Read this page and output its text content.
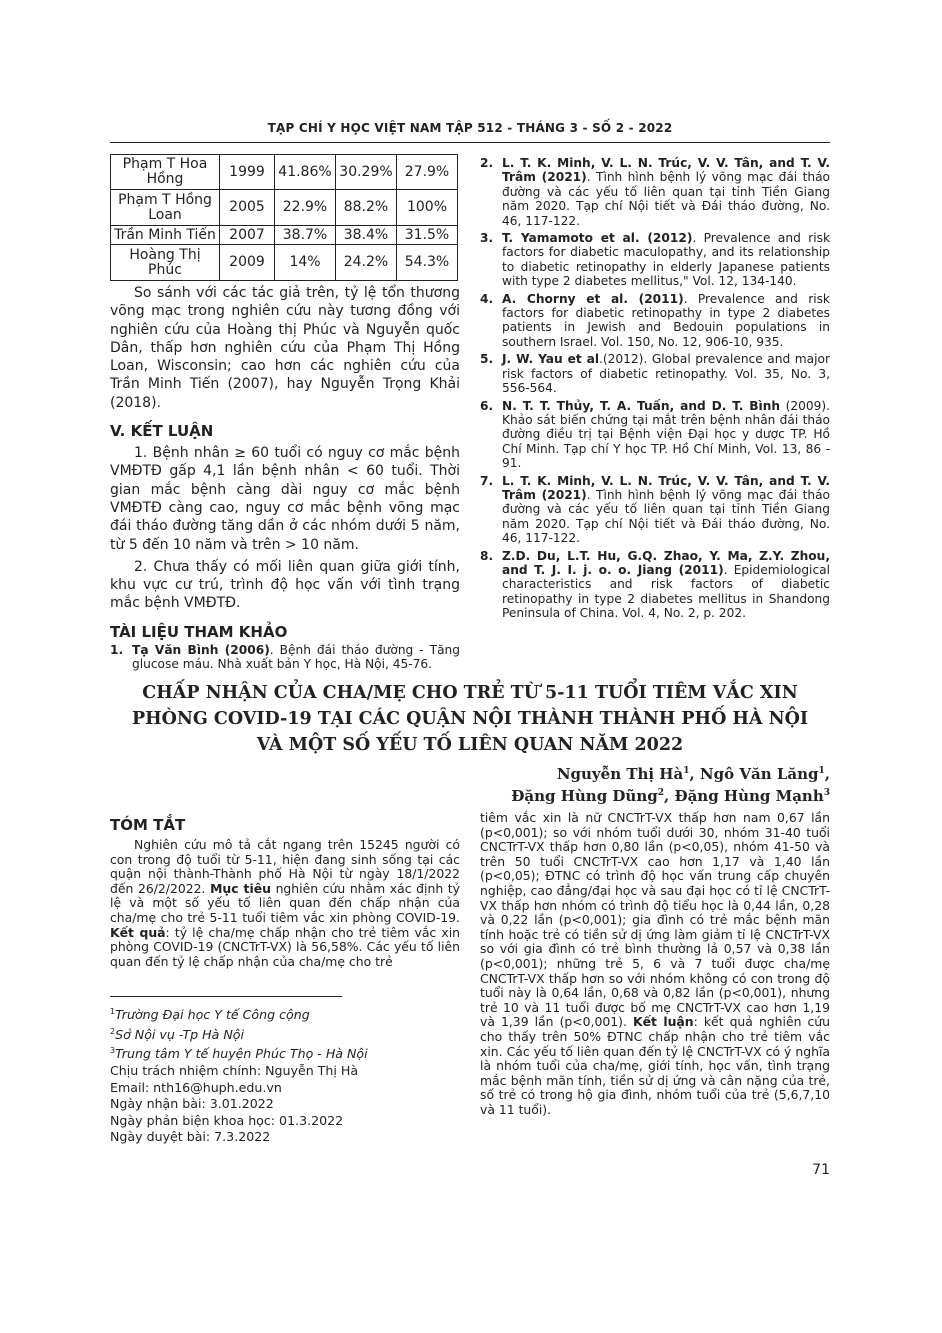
TẠP CHÍ Y HỌC VIỆT NAM TẬP 512 - THÁNG 3 - SỐ 2 - 2022
Phạm T Hoa Hồng	1999	41.86%	30.29%	27.9%
Phạm T Hồng Loan	2005	22.9%	88.2%	100%
Trần Minh Tiến	2007	38.7%	38.4%	31.5%
Hoàng Thị Phúc	2009	14%	24.2%	54.3%

So sánh với các tác giả trên, tỷ lệ tổn thương võng mạc trong nghiên cứu này tương đồng với nghiên cứu của Hoàng thị Phúc và Nguyễn quốc Dân, thấp hơn nghiên cứu của Phạm Thị Hồng Loan, Wisconsin; cao hơn các nghiên cứu của Trần Minh Tiến (2007), hay Nguyễn Trọng Khải (2018).

V. KẾT LUẬN

1. Bệnh nhân ≥ 60 tuổi có nguy cơ mắc bệnh VMĐTĐ gấp 4,1 lần bệnh nhân < 60 tuổi. Thời gian mắc bệnh càng dài nguy cơ mắc bệnh VMĐTĐ càng cao, nguy cơ mắc bệnh võng mạc đái tháo đường tăng dần ở các nhóm dưới 5 năm, từ 5 đến 10 năm và trên > 10 năm.

2. Chưa thấy có mối liên quan giữa giới tính, khu vực cư trú, trình độ học vấn với tình trạng mắc bệnh VMĐTĐ.

TÀI LIỆU THAM KHẢO
1. Tạ Văn Bình (2006). Bệnh đái tháo đường - Tăng glucose máu. Nhà xuất bản Y học, Hà Nội, 45-76.
2. L. T. K. Minh, V. L. N. Trúc, V. V. Tân, and T. V. Trâm (2021). Tình hình bệnh lý võng mạc đái tháo đường và các yếu tố liên quan tại tỉnh Tiền Giang năm 2020. Tạp chí Nội tiết và Đái tháo đường, No. 46, 117-122.
3. T. Yamamoto et al. (2012). Prevalence and risk factors for diabetic maculopathy, and its relationship to diabetic retinopathy in elderly Japanese patients with type 2 diabetes mellitus," Vol. 12, 134-140.
4. A. Chorny et al. (2011). Prevalence and risk factors for diabetic retinopathy in type 2 diabetes patients in Jewish and Bedouin populations in southern Israel. Vol. 150, No. 12, 906-10, 935.
5. J. W. Yau et al.(2012). Global prevalence and major risk factors of diabetic retinopathy. Vol. 35, No. 3, 556-564.
6. N. T. T. Thủy, T. A. Tuấn, and D. T. Bình (2009). Khảo sát biến chứng tại mắt trên bệnh nhân đái tháo đường điều trị tại Bệnh viện Đại học y dược TP. Hồ Chí Minh. Tạp chí Y học TP. Hồ Chí Minh, Vol. 13, 86 - 91.
7. L. T. K. Minh, V. L. N. Trúc, V. V. Tân, and T. V. Trâm (2021). Tình hình bệnh lý võng mạc đái tháo đường và các yếu tố liên quan tại tỉnh Tiền Giang năm 2020. Tạp chí Nội tiết và Đái tháo đường, No. 46, 117-122.
8. Z.D. Du, L.T. Hu, G.Q. Zhao, Y. Ma, Z.Y. Zhou, and T. J. I. j. o. o. Jiang (2011). Epidemiological characteristics and risk factors of diabetic retinopathy in type 2 diabetes mellitus in Shandong Peninsula of China. Vol. 4, No. 2, p. 202.
CHẤP NHẬN CỦA CHA/MẸ CHO TRẺ TỪ 5-11 TUỔI TIÊM VẮC XIN
PHÒNG COVID-19 TẠI CÁC QUẬN NỘI THÀNH THÀNH PHỐ HÀ NỘI
VÀ MỘT SỐ YẾU TỐ LIÊN QUAN NĂM 2022
Nguyễn Thị $Hà^1$, Ngô Văn Lăng$^1$,
Đặng Hùng Dũng$^2$, Đặng Hùng Mạnh$^3$
TÓM TẮT

Nghiên cứu mô tả cắt ngang trên 15245 người có con trong độ tuổi từ 5-11, hiện đang sinh sống tại các quận nội thành-Thành phố Hà Nội từ ngày 18/1/2022 đến 26/2/2022. Mục tiêu nghiên cứu nhằm xác định tỷ lệ và một số yếu tố liên quan đến chấp nhận của cha/mẹ cho trẻ 5-11 tuổi tiêm vắc xin phòng COVID-19. Kết quả: tỷ lệ cha/mẹ chấp nhận cho trẻ tiêm vắc xin phòng COVID-19 (CNCTrT-VX) là 56,58%. Các yếu tố liên quan đến tỷ lệ chấp nhận của cha/mẹ cho trẻ

tiêm vắc xin là nữ CNCTrT-VX thấp hơn nam 0,67 lần (p<0,001); so với nhóm tuổi dưới 30, nhóm 31-40 tuổi CNCTrT-VX thấp hơn 0,80 lần (p<0,05), nhóm 41-50 và trên 50 tuổi CNCTrT-VX cao hơn 1,17 và 1,40 lần (p<0,05); ĐTNC có trình độ học vấn trung cấp chuyên nghiệp, cao đẳng/đại học và sau đại học có tỉ lệ CNCTrT-VX thấp hơn nhóm có trình độ tiểu học là 0,44 lần, 0,28 và 0,22 lần (p<0,001); gia đình có trẻ mắc bệnh mãn tính hoặc trẻ có tiền sử dị ứng làm giảm tỉ lệ CNCTrT-VX so với gia đình có trẻ bình thường lả 0,57 và 0,38 lần (p<0,001); những trẻ 5, 6 và 7 tuổi được cha/mẹ CNCTrT-VX thấp hơn so với nhóm không có con trong độ tuổi này là 0,64 lần, 0,68 và 0,82 lần (p<0,001), nhưng trẻ 10 và 11 tuổi được bố mẹ CNCTrT-VX cao hơn 1,19 và 1,39 lần (p<0,001). Kết luận: kết quả nghiên cứu cho thấy trên 50% ĐTNC chấp nhận cho trẻ tiêm vắc xin. Các yếu tố liên quan đến tỷ lệ CNCTrT-VX có ý nghĩa là nhóm tuổi của cha/mẹ, giới tính, học vấn, tình trạng mắc bệnh mãn tính, tiền sử dị ứng và cân nặng của trẻ, số trẻ có trong hộ gia đình, nhóm tuổi của trẻ (5,6,7,10 và 11 tuổi).

$^1$Trường Đại học Y tế Công cộng
$^2$Sở Nội vụ -Tp Hà Nội
$^3$Trung tâm Y tế huyện Phúc Thọ - Hà Nội
Chịu trách nhiệm chính: Nguyễn Thị Hà
Email: nth16@huph.edu.vn
Ngày nhận bài: 3.01.2022
Ngày phản biện khoa học: 01.3.2022
Ngày duyệt bài: 7.3.2022
71
